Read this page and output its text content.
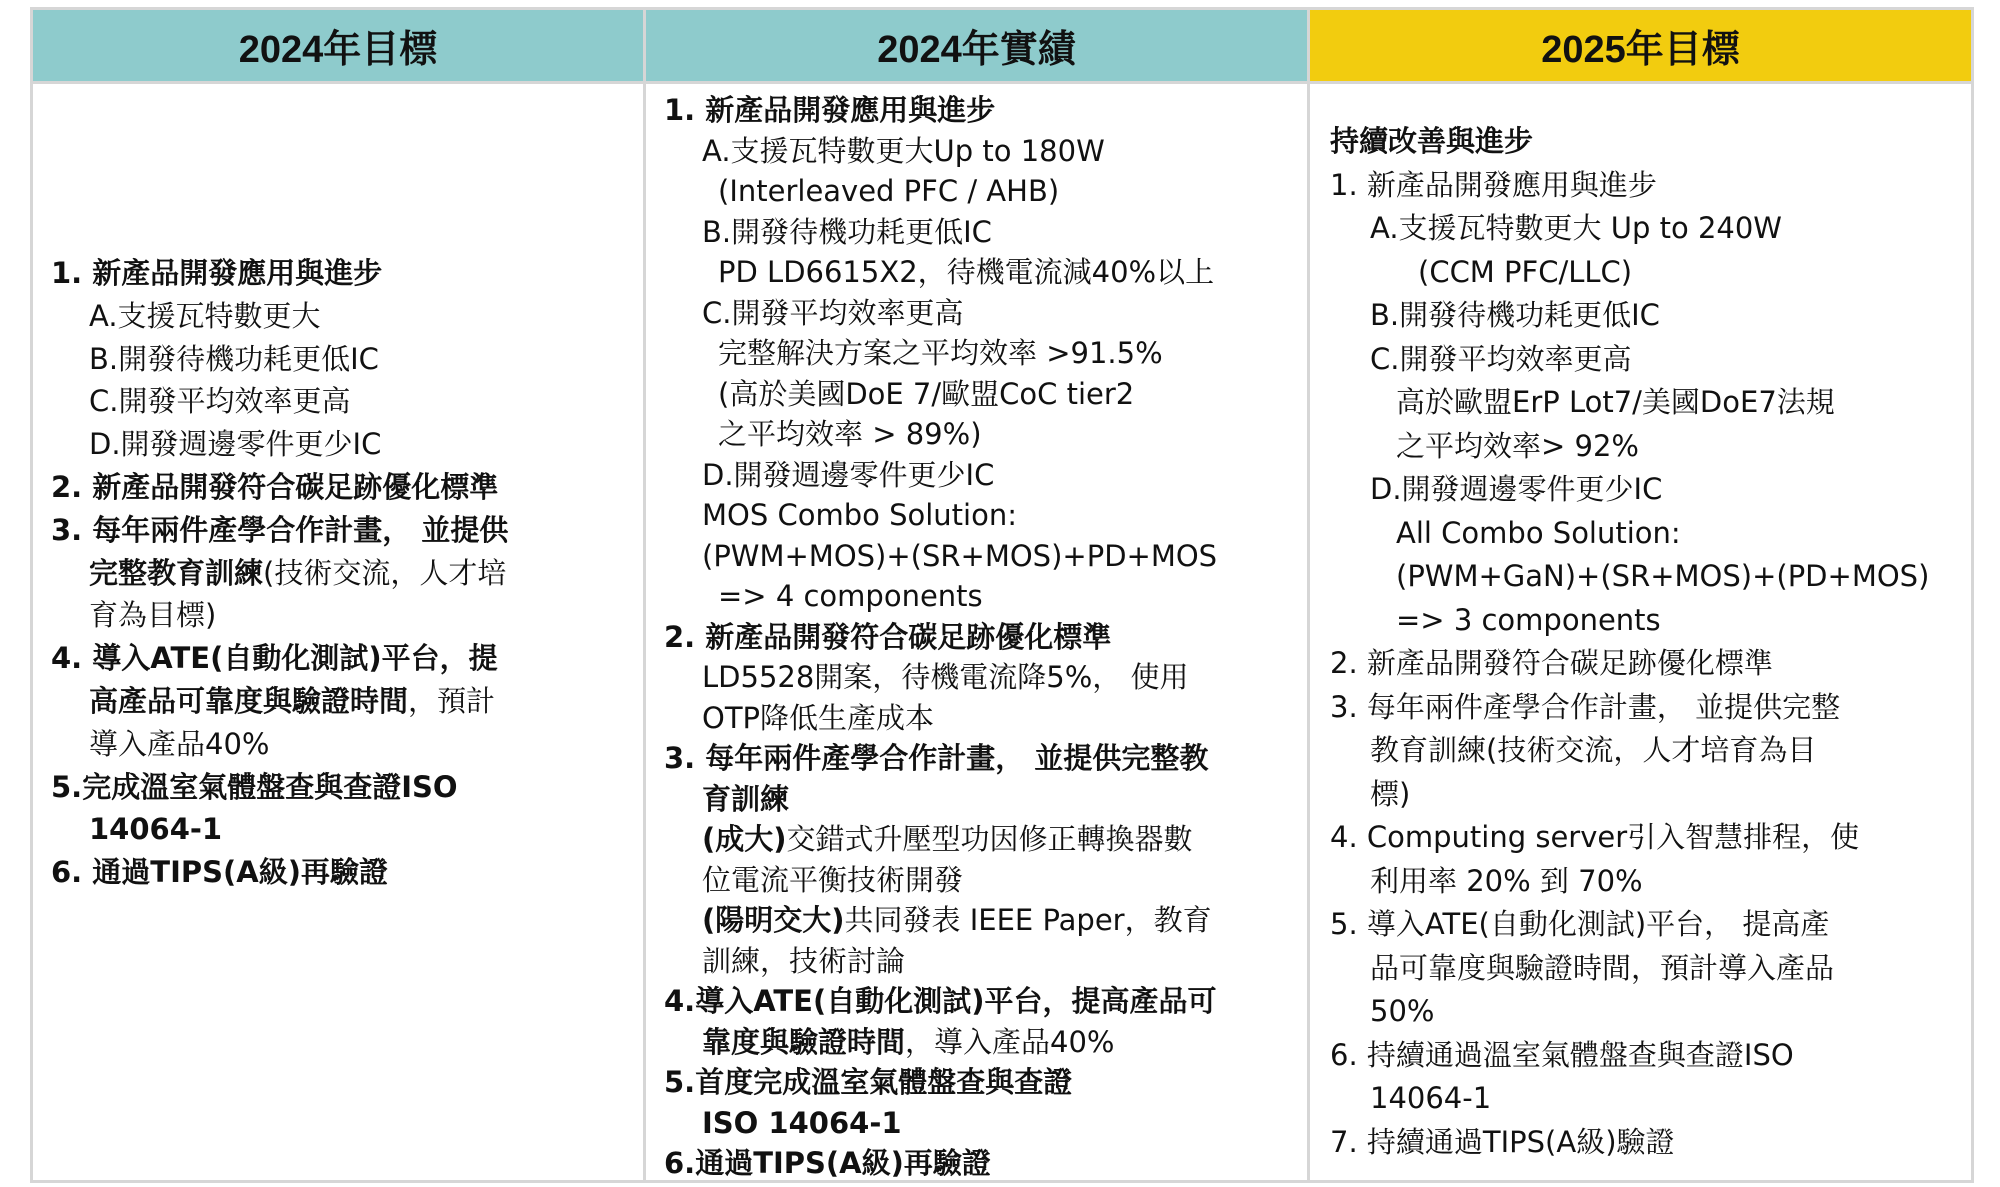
2024年目標
1. 新產品開發應用與進步
A.支援瓦特數更大
B.開發待機功耗更低IC
C.開發平均效率更高
D.開發週邊零件更少IC
2. 新產品開發符合碳足跡優化標準
3. 每年兩件產學合作計畫， 並提供
完整教育訓練(技術交流，人才培
育為目標)
4. 導入ATE(自動化測試)平台，提
高產品可靠度與驗證時間，預計
導入產品40%
5.完成溫室氣體盤查與查證ISO
14064-1
6. 通過TIPS(A級)再驗證
2024年實績
1. 新產品開發應用與進步
A.支援瓦特數更大Up to 180W
(Interleaved PFC / AHB)
B.開發待機功耗更低IC
PD LD6615X2，待機電流減40%以上
C.開發平均效率更高
完整解決方案之平均效率 >91.5%
(高於美國DoE 7/歐盟CoC tier2
之平均效率 > 89%)
D.開發週邊零件更少IC
MOS Combo Solution:
(PWM+MOS)+(SR+MOS)+PD+MOS
=> 4 components
2. 新產品開發符合碳足跡優化標準
LD5528開案，待機電流降5%， 使用
OTP降低生產成本
3. 每年兩件產學合作計畫， 並提供完整教
育訓練
(成大)交錯式升壓型功因修正轉換器數
位電流平衡技術開發
(陽明交大)共同發表 IEEE Paper，教育
訓練，技術討論
4.導入ATE(自動化測試)平台，提高產品可
靠度與驗證時間，導入產品40%
5.首度完成溫室氣體盤查與查證
ISO 14064-1
6.通過TIPS(A級)再驗證
2025年目標
持續改善與進步
1. 新產品開發應用與進步
A.支援瓦特數更大 Up to 240W
(CCM PFC/LLC)
B.開發待機功耗更低IC
C.開發平均效率更高
高於歐盟ErP Lot7/美國DoE7法規
之平均效率> 92%
D.開發週邊零件更少IC
All Combo Solution:
(PWM+GaN)+(SR+MOS)+(PD+MOS)
=> 3 components
2. 新產品開發符合碳足跡優化標準
3. 每年兩件產學合作計畫， 並提供完整
教育訓練(技術交流，人才培育為目
標)
4. Computing server引入智慧排程，使
利用率 20% 到 70%
5. 導入ATE(自動化測試)平台， 提高產
品可靠度與驗證時間，預計導入產品
50%
6. 持續通過溫室氣體盤查與查證ISO
14064-1
7. 持續通過TIPS(A級)驗證
